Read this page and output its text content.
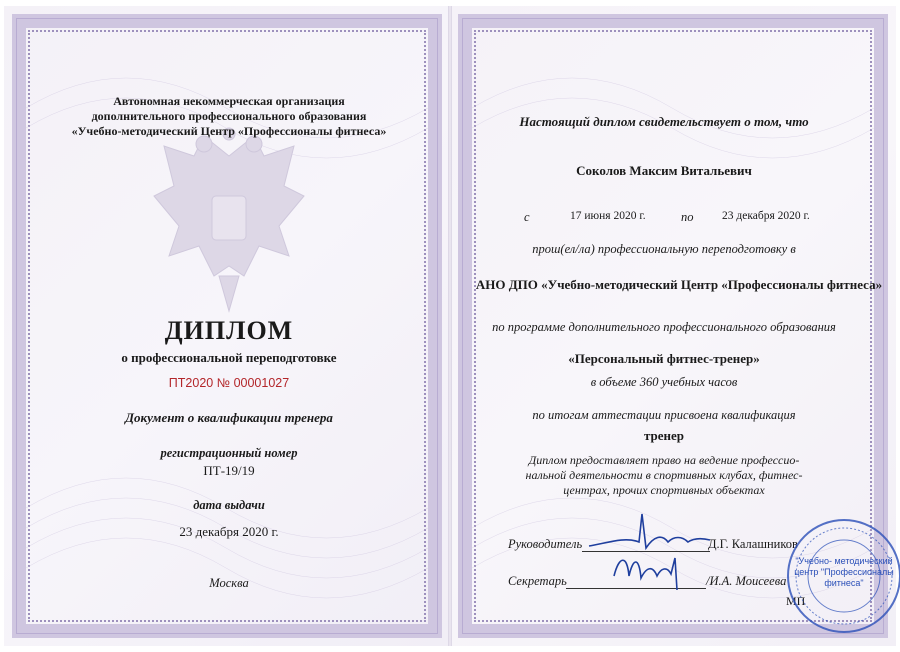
Автономная некоммерческая организация
дополнительного профессионального образования
«Учебно-методический Центр «Профессионалы фитнеса»
ДИПЛОМ
о профессиональной переподготовке
ПТ2020 № 00001027
Документ о квалификации тренера
регистрационный номер
ПТ-19/19
дата выдачи
23 декабря 2020 г.
Москва
Настоящий диплом свидетельствует о том, что
Соколов Максим Витальевич
с	17 июня 2020 г.	по 23 декабря 2020 г.
прош(ел/ла) профессиональную переподготовку в
АНО ДПО «Учебно-методический Центр «Профессионалы фитнеса»
по программе дополнительного профессионального образования
«Персональный фитнес-тренер»
в объеме 360 учебных часов
по итогам аттестации присвоена квалификация
тренер
Диплом предоставляет право на ведение профессио-
нальной деятельности в спортивных клубах, фитнес-
центрах, прочих спортивных объектах
Руководитель	Д.Г. Калашников
Секретарь	/И.А. Моисеева
МП
"Учебно- методический центр "Профессионалы фитнеса"
